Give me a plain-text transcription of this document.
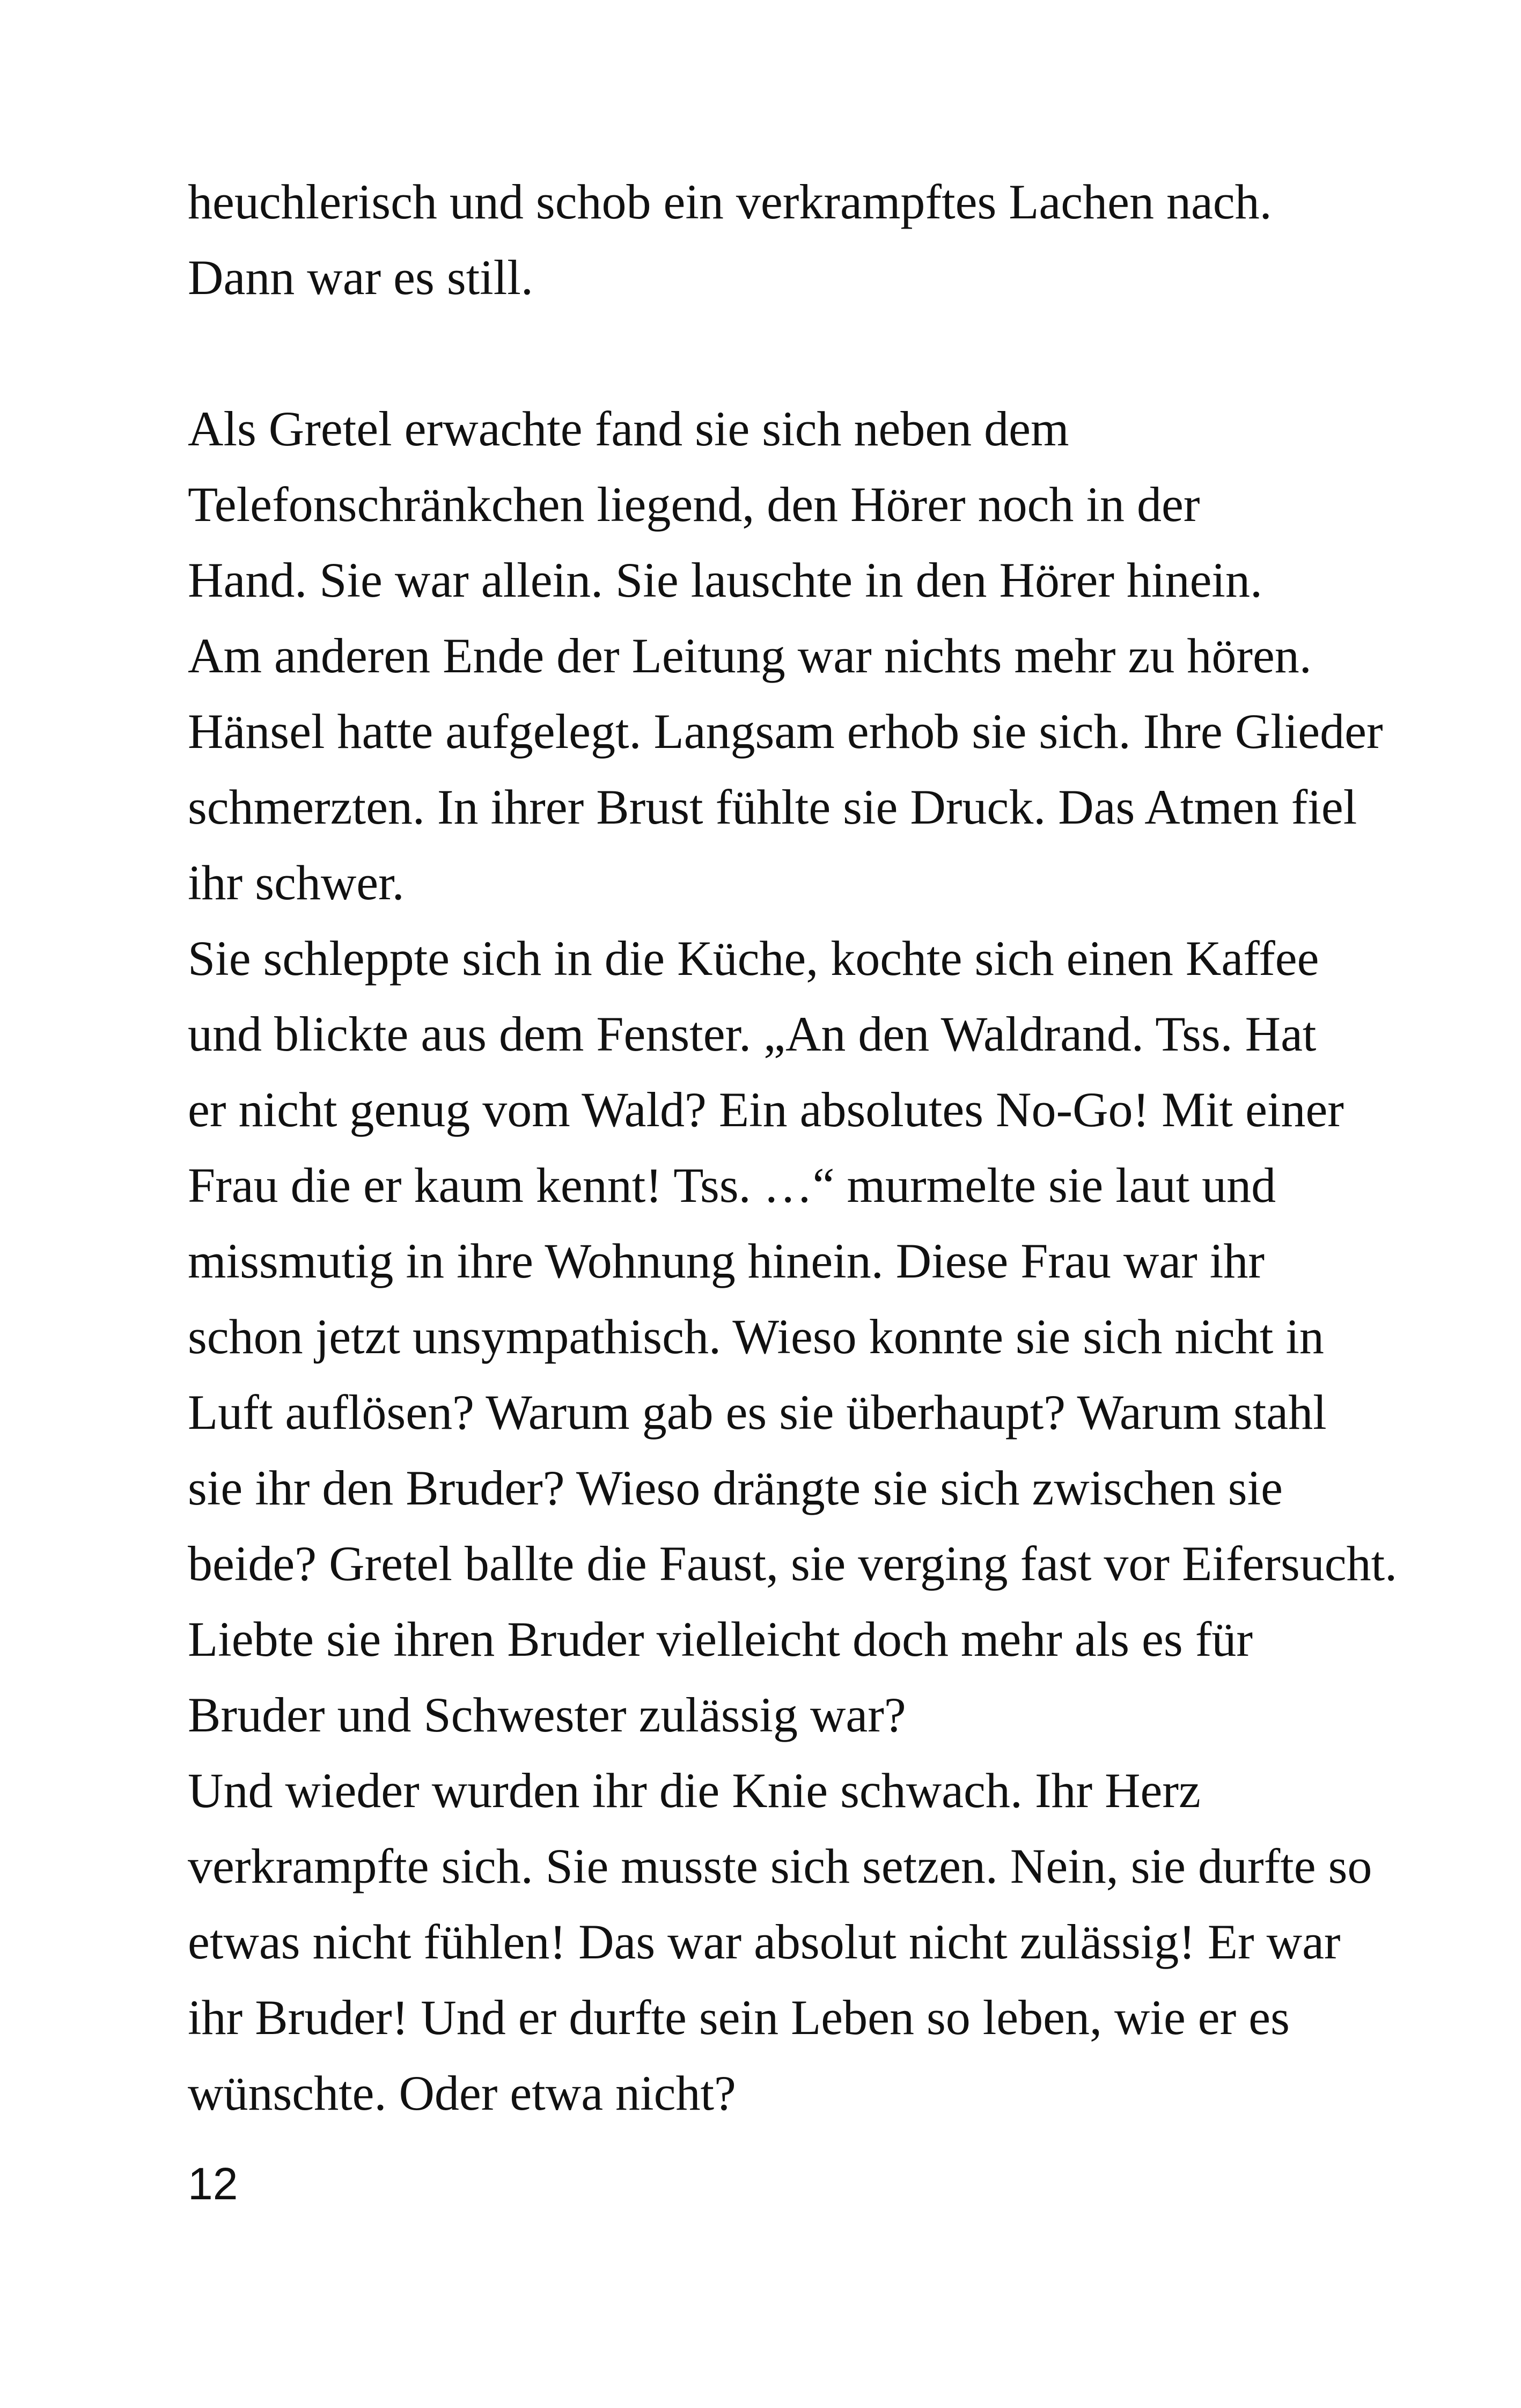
heuchlerisch und schob ein verkrampftes Lachen nach.
Dann war es still.
Als Gretel erwachte fand sie sich neben dem
Telefonschränkchen liegend, den Hörer noch in der
Hand. Sie war allein. Sie lauschte in den Hörer hinein.
Am anderen Ende der Leitung war nichts mehr zu hören.
Hänsel hatte aufgelegt. Langsam erhob sie sich. Ihre Glieder
schmerzten. In ihrer Brust fühlte sie Druck. Das Atmen fiel
ihr schwer.
Sie schleppte sich in die Küche, kochte sich einen Kaffee
und blickte aus dem Fenster. „An den Waldrand. Tss. Hat
er nicht genug vom Wald? Ein absolutes No-Go! Mit einer
Frau die er kaum kennt! Tss. …“ murmelte sie laut und
missmutig in ihre Wohnung hinein. Diese Frau war ihr
schon jetzt unsympathisch. Wieso konnte sie sich nicht in
Luft auflösen? Warum gab es sie überhaupt? Warum stahl
sie ihr den Bruder? Wieso drängte sie sich zwischen sie
beide? Gretel ballte die Faust, sie verging fast vor Eifersucht.
Liebte sie ihren Bruder vielleicht doch mehr als es für
Bruder und Schwester zulässig war?
Und wieder wurden ihr die Knie schwach. Ihr Herz
verkrampfte sich. Sie musste sich setzen. Nein, sie durfte so
etwas nicht fühlen! Das war absolut nicht zulässig! Er war
ihr Bruder! Und er durfte sein Leben so leben, wie er es
wünschte. Oder etwa nicht?
12
